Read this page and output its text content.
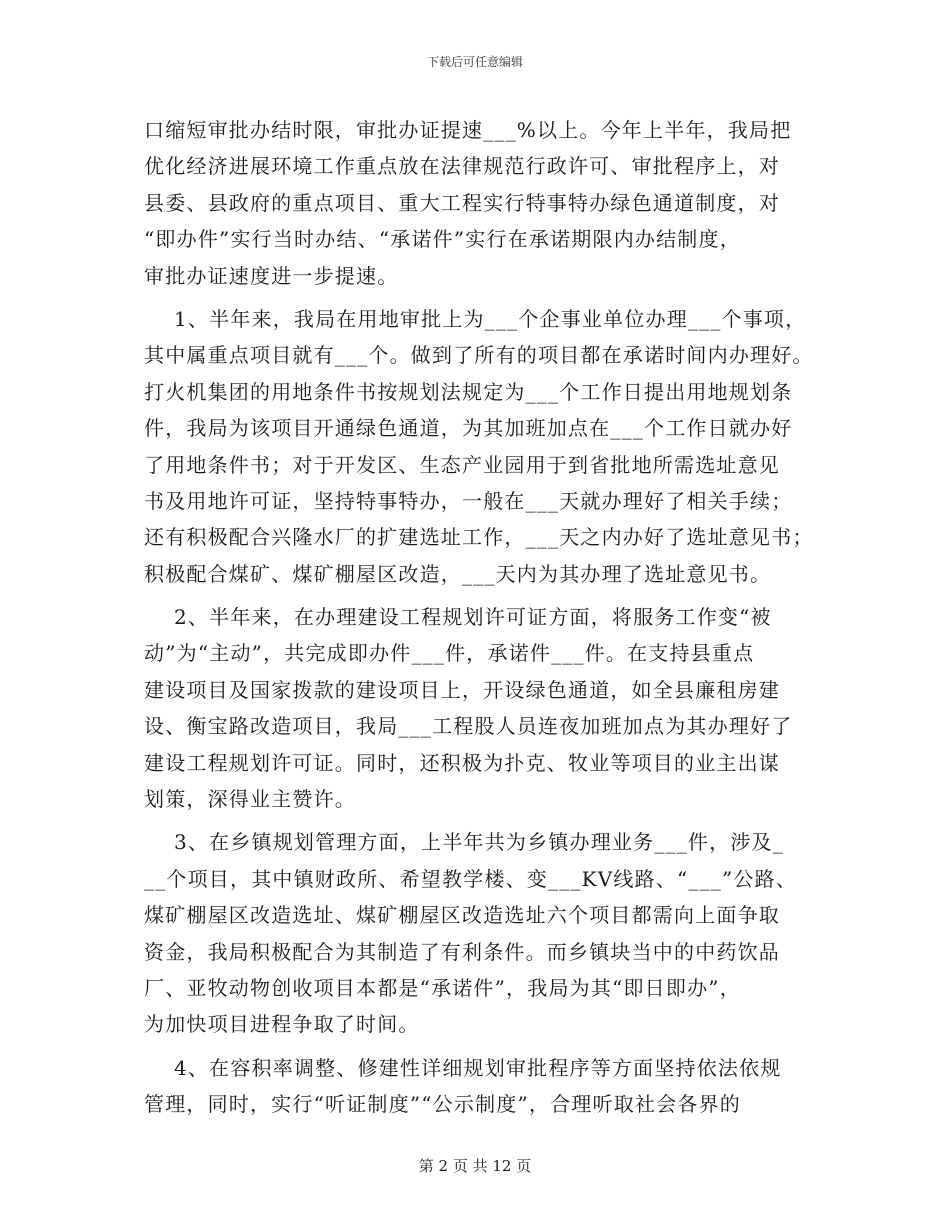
下载后可任意编辑
口缩短审批办结时限，审批办证提速___%以上。今年上半年，我局把
优化经济进展环境工作重点放在法律规范行政许可、审批程序上，对
县委、县政府的重点项目、重大工程实行特事特办绿色通道制度，对
“即办件”实行当时办结、“承诺件”实行在承诺期限内办结制度，
审批办证速度进一步提速。
1、半年来，我局在用地审批上为___个企事业单位办理___个事项，
其中属重点项目就有___个。做到了所有的项目都在承诺时间内办理好。
打火机集团的用地条件书按规划法规定为___个工作日提出用地规划条
件，我局为该项目开通绿色通道，为其加班加点在___个工作日就办好
了用地条件书；对于开发区、生态产业园用于到省批地所需选址意见
书及用地许可证，坚持特事特办，一般在___天就办理好了相关手续；
还有积极配合兴隆水厂的扩建选址工作，___天之内办好了选址意见书；
积极配合煤矿、煤矿棚屋区改造，___天内为其办理了选址意见书。
2、半年来，在办理建设工程规划许可证方面，将服务工作变“被
动”为“主动”，共完成即办件___件，承诺件___件。在支持县重点
建设项目及国家拨款的建设项目上，开设绿色通道，如全县廉租房建
设、衡宝路改造项目，我局___工程股人员连夜加班加点为其办理好了
建设工程规划许可证。同时，还积极为扑克、牧业等项目的业主出谋
划策，深得业主赞许。
3、在乡镇规划管理方面，上半年共为乡镇办理业务___件，涉及_
__个项目，其中镇财政所、希望教学楼、变___KV线路、“___”公路、
煤矿棚屋区改造选址、煤矿棚屋区改造选址六个项目都需向上面争取
资金，我局积极配合为其制造了有利条件。而乡镇块当中的中药饮品
厂、亚牧动物创收项目本都是“承诺件”，我局为其“即日即办”，
为加快项目进程争取了时间。
4、在容积率调整、修建性详细规划审批程序等方面坚持依法依规
管理，同时，实行“听证制度”“公示制度”，合理听取社会各界的
第 2 页 共 12 页
